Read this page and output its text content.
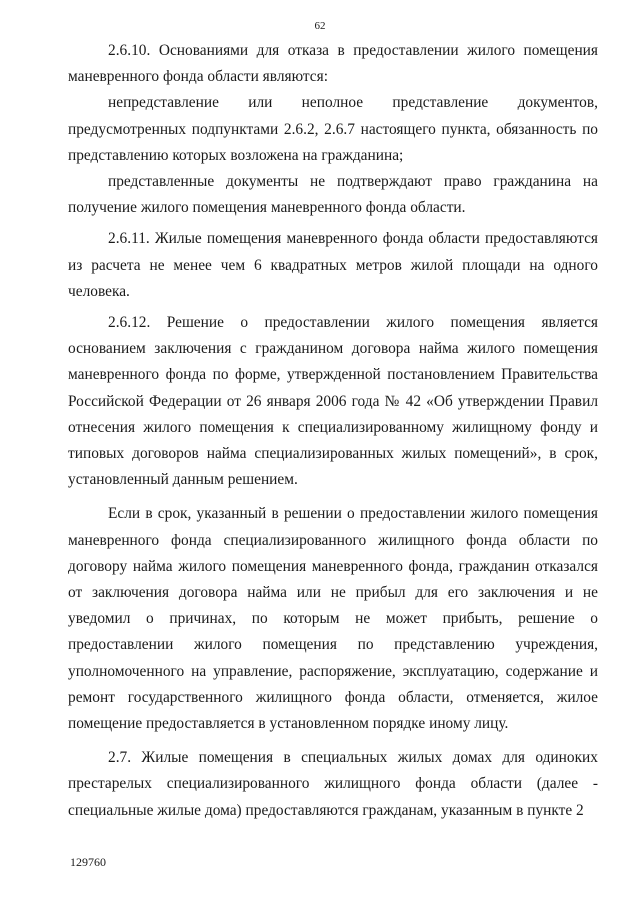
62

2.6.10. Основаниями для отказа в предоставлении жилого помещения маневренного фонда области являются:

непредставление или неполное представление документов, предусмотренных подпунктами 2.6.2, 2.6.7 настоящего пункта, обязанность по представлению которых возложена на гражданина;

представленные документы не подтверждают право гражданина на получение жилого помещения маневренного фонда области.

2.6.11. Жилые помещения маневренного фонда области предоставляются из расчета не менее чем 6 квадратных метров жилой площади на одного человека.

2.6.12. Решение о предоставлении жилого помещения является основанием заключения с гражданином договора найма жилого помещения маневренного фонда по форме, утвержденной постановлением Правительства Российской Федерации от 26 января 2006 года № 42 «Об утверждении Правил отнесения жилого помещения к специализированному жилищному фонду и типовых договоров найма специализированных жилых помещений», в срок, установленный данным решением.

Если в срок, указанный в решении о предоставлении жилого помещения маневренного фонда специализированного жилищного фонда области по договору найма жилого помещения маневренного фонда, гражданин отказался от заключения договора найма или не прибыл для его заключения и не уведомил о причинах, по которым не может прибыть, решение о предоставлении жилого помещения по представлению учреждения, уполномоченного на управление, распоряжение, эксплуатацию, содержание и ремонт государственного жилищного фонда области, отменяется, жилое помещение предоставляется в установленном порядке иному лицу.

2.7. Жилые помещения в специальных жилых домах для одиноких престарелых специализированного жилищного фонда области (далее - специальные жилые дома) предоставляются гражданам, указанным в пункте 2

129760
